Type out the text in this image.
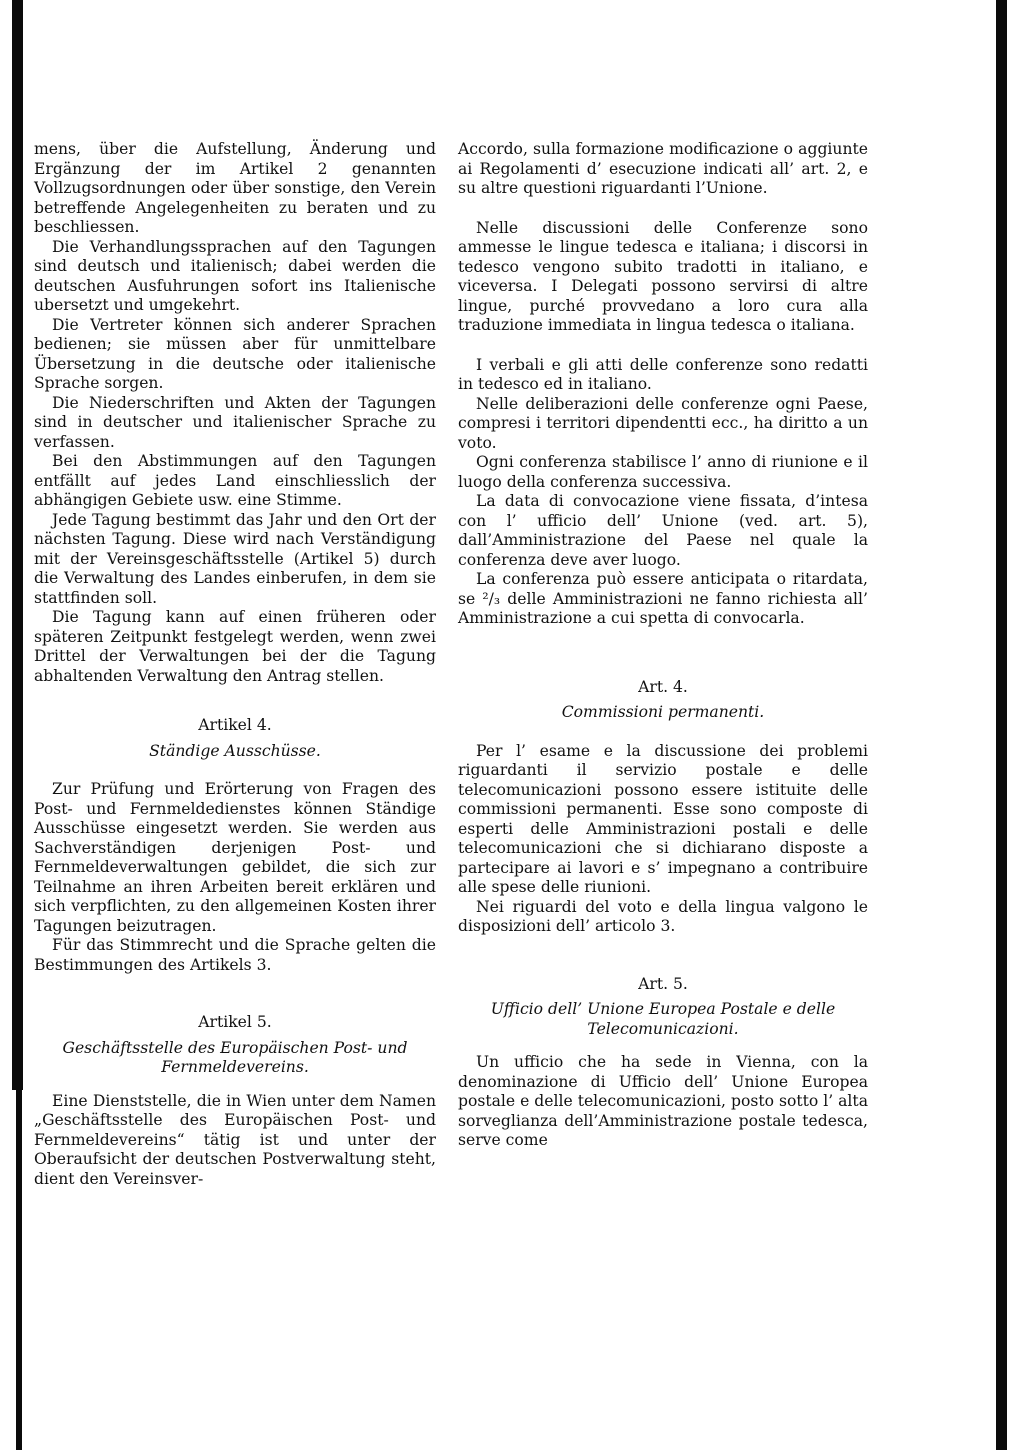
mens, über die Aufstellung, Änderung und Ergänzung der im Artikel 2 genannten Vollzugsordnungen oder über sonstige, den Verein betreffende Angelegenheiten zu beraten und zu beschliessen.

Die Verhandlungssprachen auf den Tagungen sind deutsch und italienisch; dabei werden die deutschen Ausfuhrungen sofort ins Italienische ubersetzt und umgekehrt.

Die Vertreter können sich anderer Sprachen bedienen; sie müssen aber für unmittelbare Übersetzung in die deutsche oder italienische Sprache sorgen.

Die Niederschriften und Akten der Tagungen sind in deutscher und italienischer Sprache zu verfassen.

Bei den Abstimmungen auf den Tagungen entfällt auf jedes Land einschliesslich der abhängigen Gebiete usw. eine Stimme.

Jede Tagung bestimmt das Jahr und den Ort der nächsten Tagung. Diese wird nach Verständigung mit der Vereinsgeschäftsstelle (Artikel 5) durch die Verwaltung des Landes einberufen, in dem sie stattfinden soll.

Die Tagung kann auf einen früheren oder späteren Zeitpunkt festgelegt werden, wenn zwei Drittel der Verwaltungen bei der die Tagung abhaltenden Verwaltung den Antrag stellen.

Artikel 4.
Ständige Ausschüsse.

Zur Prüfung und Erörterung von Fragen des Post- und Fernmeldedienstes können Ständige Ausschüsse eingesetzt werden. Sie werden aus Sachverständigen derjenigen Post- und Fernmeldeverwaltungen gebildet, die sich zur Teilnahme an ihren Arbeiten bereit erklären und sich verpflichten, zu den allgemeinen Kosten ihrer Tagungen beizutragen.

Für das Stimmrecht und die Sprache gelten die Bestimmungen des Artikels 3.

Artikel 5.
Geschäftsstelle des Europäischen Post- und Fernmeldevereins.

Eine Dienststelle, die in Wien unter dem Namen „Geschäftsstelle des Europäischen Post- und Fernmeldevereins“ tätig ist und unter der Oberaufsicht der deutschen Postverwaltung steht, dient den Vereinsver-

Accordo, sulla formazione modificazione o aggiunte ai Regolamenti d’ esecuzione indicati all’ art. 2, e su altre questioni riguardanti l’Unione.

Nelle discussioni delle Conferenze sono ammesse le lingue tedesca e italiana; i discorsi in tedesco vengono subito tradotti in italiano, e viceversa. I Delegati possono servirsi di altre lingue, purché provvedano a loro cura alla traduzione immediata in lingua tedesca o italiana.

I verbali e gli atti delle conferenze sono redatti in tedesco ed in italiano.

Nelle deliberazioni delle conferenze ogni Paese, compresi i territori dipendentti ecc., ha diritto a un voto.

Ogni conferenza stabilisce l’ anno di riunione e il luogo della conferenza successiva.

La data di convocazione viene fissata, d’intesa con l’ ufficio dell’ Unione (ved. art. 5), dall’Amministrazione del Paese nel quale la conferenza deve aver luogo.

La conferenza può essere anticipata o ritardata, se ²/₃ delle Amministrazioni ne fanno richiesta all’ Amministrazione a cui spetta di convocarla.

Art. 4.
Commissioni permanenti.

Per l’ esame e la discussione dei problemi riguardanti il servizio postale e delle telecomunicazioni possono essere istituite delle commissioni permanenti. Esse sono composte di esperti delle Amministrazioni postali e delle telecomunicazioni che si dichiarano disposte a partecipare ai lavori e s’ impegnano a contribuire alle spese delle riunioni.

Nei riguardi del voto e della lingua valgono le disposizioni dell’ articolo 3.

Art. 5.
Ufficio dell’ Unione Europea Postale e delle Telecomunicazioni.

Un ufficio che ha sede in Vienna, con la denominazione di Ufficio dell’ Unione Europea postale e delle telecomunicazioni, posto sotto l’ alta sorveglianza dell’Amministrazione postale tedesca, serve come
